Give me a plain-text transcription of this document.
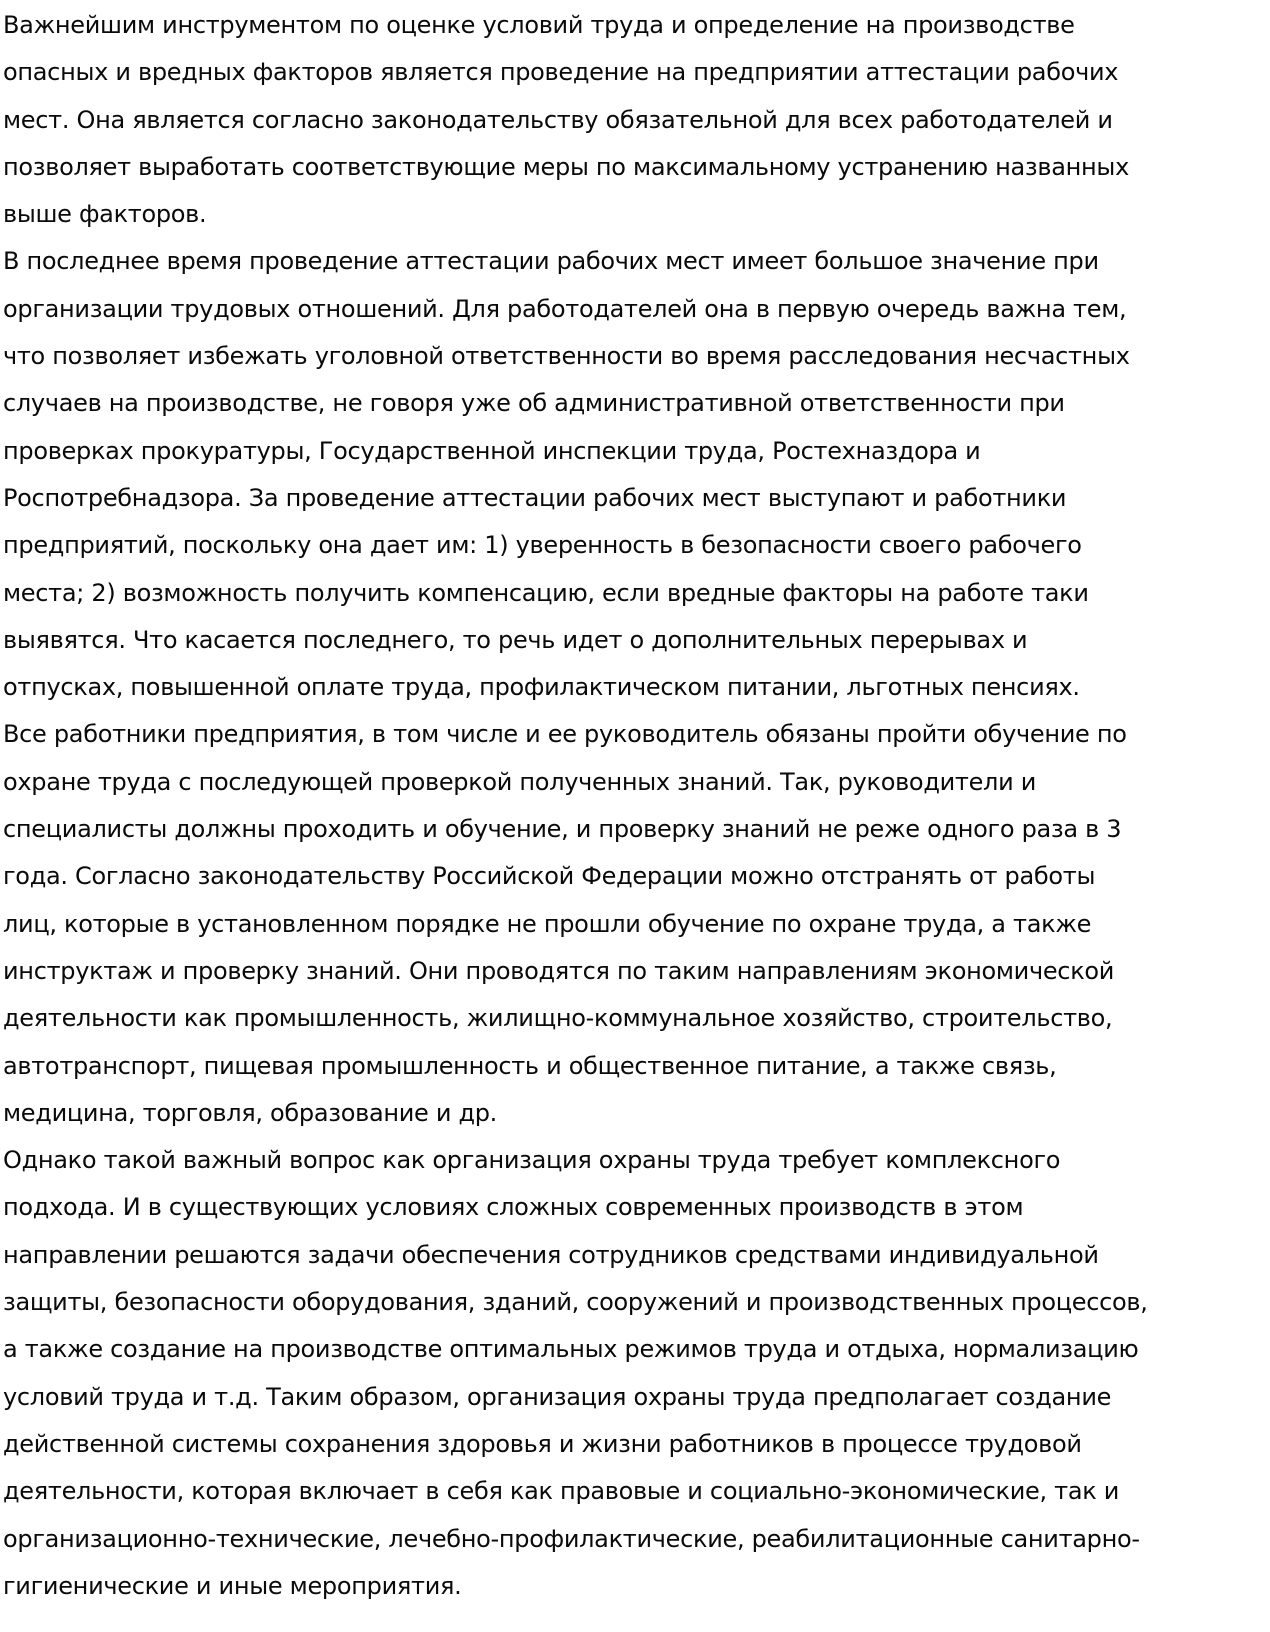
Важнейшим инструментом по оценке условий труда и определение на производстве
опасных и вредных факторов является проведение на предприятии аттестации рабочих
мест. Она является согласно законодательству обязательной для всех работодателей и
позволяет выработать соответствующие меры по максимальному устранению названных
выше факторов.
В последнее время проведение аттестации рабочих мест имеет большое значение при
организации трудовых отношений. Для работодателей она в первую очередь важна тем,
что позволяет избежать уголовной ответственности во время расследования несчастных
случаев на производстве, не говоря уже об административной ответственности при
проверках прокуратуры, Государственной инспекции труда, Ростехназдора и
Роспотребнадзора. За проведение аттестации рабочих мест выступают и работники
предприятий, поскольку она дает им: 1) уверенность в безопасности своего рабочего
места; 2) возможность получить компенсацию, если вредные факторы на работе таки
выявятся. Что касается последнего, то речь идет о дополнительных перерывах и
отпусках, повышенной оплате труда, профилактическом питании, льготных пенсиях.
Все работники предприятия, в том числе и ее руководитель обязаны пройти обучение по
охране труда с последующей проверкой полученных знаний. Так, руководители и
специалисты должны проходить и обучение, и проверку знаний не реже одного раза в 3
года. Согласно законодательству Российской Федерации можно отстранять от работы
лиц, которые в установленном порядке не прошли обучение по охране труда, а также
инструктаж и проверку знаний. Они проводятся по таким направлениям экономической
деятельности как промышленность, жилищно-коммунальное хозяйство, строительство,
автотранспорт, пищевая промышленность и общественное питание, а также связь,
медицина, торговля, образование и др.
Однако такой важный вопрос как организация охраны труда требует комплексного
подхода. И в существующих условиях сложных современных производств в этом
направлении решаются задачи обеспечения сотрудников средствами индивидуальной
защиты, безопасности оборудования, зданий, сооружений и производственных процессов,
а также создание на производстве оптимальных режимов труда и отдыха, нормализацию
условий труда и т.д. Таким образом, организация охраны труда предполагает создание
действенной системы сохранения здоровья и жизни работников в процессе трудовой
деятельности, которая включает в себя как правовые и социально-экономические, так и
организационно-технические, лечебно-профилактические, реабилитационные санитарно-
гигиенические и иные мероприятия.
